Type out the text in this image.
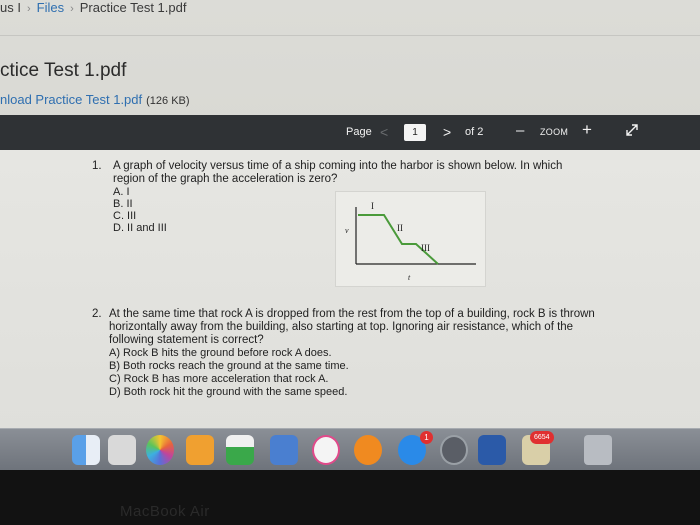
us I › Files › Practice Test 1.pdf
ctice Test 1.pdf
nload Practice Test 1.pdf (126 KB)
Page <	1	> of 2 – ZOOM +
1. A graph of velocity versus time of a ship coming into the harbor is shown below. In which region of the graph the acceleration is zero?
A. I
B. II
C. III
D. II and III	v
t
I
II
III
2. At the same time that rock A is dropped from the rest from the top of a building, rock B is thrown horizontally away from the building, also starting at top. Ignoring air resistance, which of the following statement is correct?
A) Rock B hits the ground before rock A does.
B) Both rocks reach the ground at the same time.
C) Rock B has more acceleration that rock A.
D) Both rock hit the ground with the same speed.
1	6654
MacBook Air
